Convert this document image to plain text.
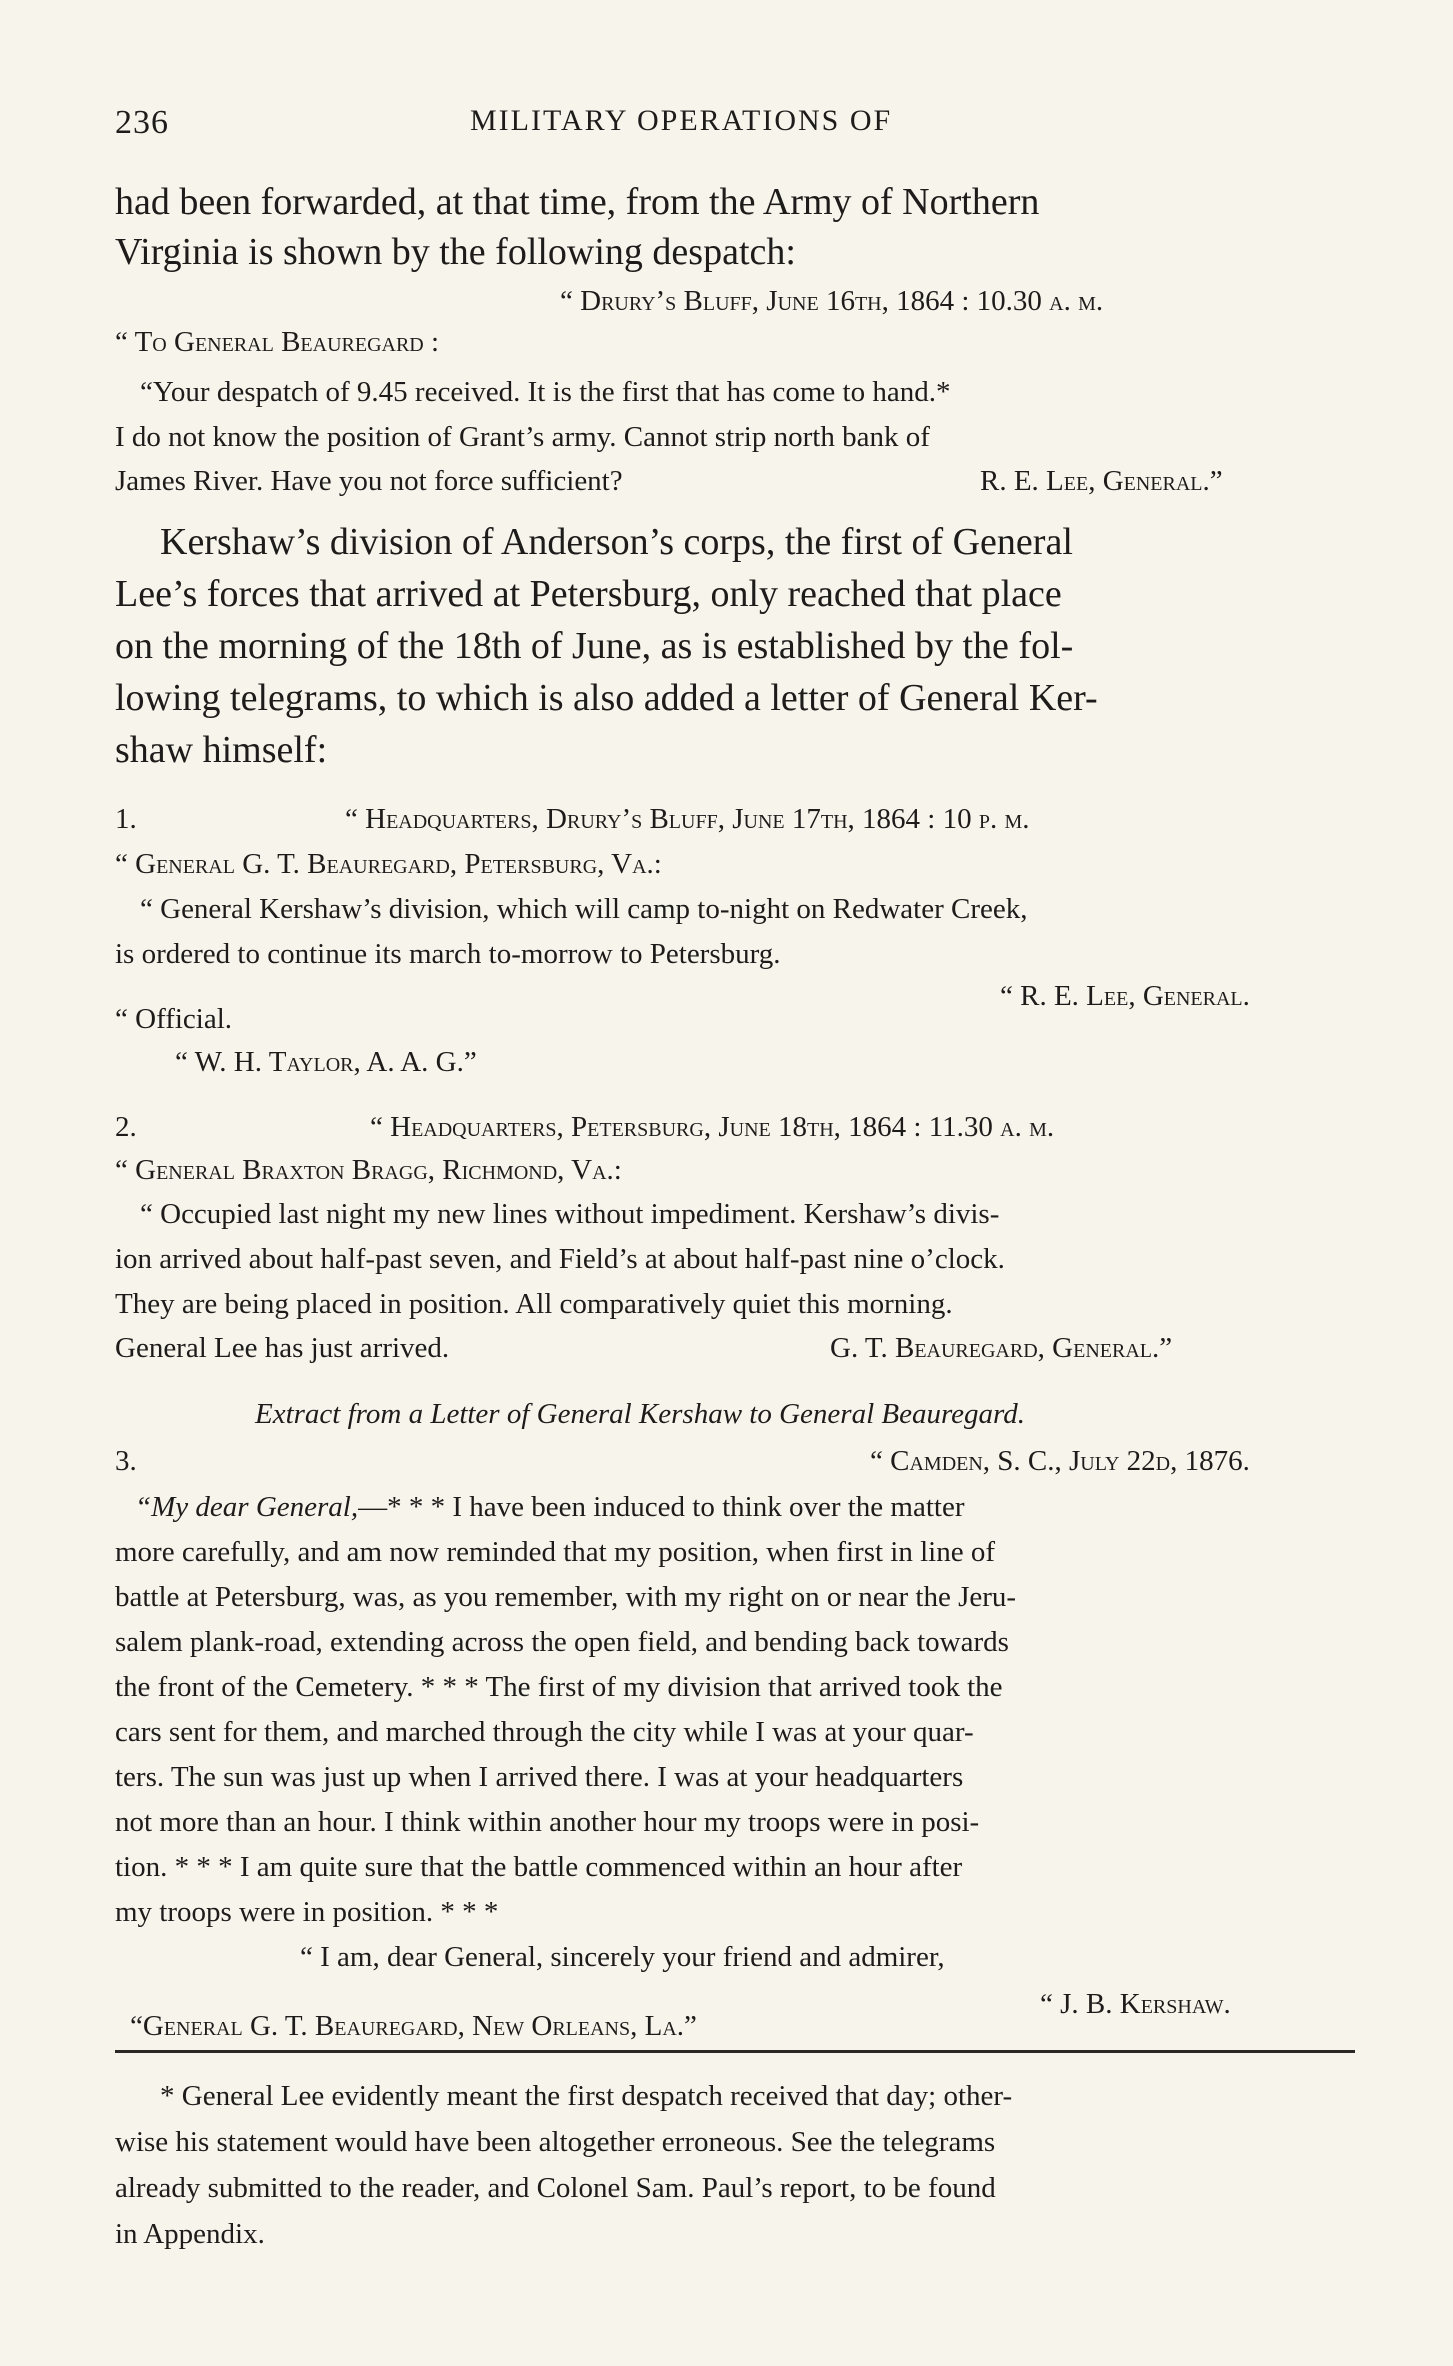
236	MILITARY OPERATIONS OF
had been forwarded, at that time, from the Army of Northern
Virginia is shown by the following despatch:
“ Drury’s Bluff, June 16th, 1864 : 10.30 a. m.
“ To General Beauregard :
“Your despatch of 9.45 received. It is the first that has come to hand.*
I do not know the position of Grant’s army. Cannot strip north bank of
James River. Have you not force sufficient?	R. E. Lee, General.”
Kershaw’s division of Anderson’s corps, the first of General
Lee’s forces that arrived at Petersburg, only reached that place
on the morning of the 18th of June, as is established by the fol-
lowing telegrams, to which is also added a letter of General Ker-
shaw himself:
1.	“ Headquarters, Drury’s Bluff, June 17th, 1864 : 10 p. m.
“ General G. T. Beauregard, Petersburg, Va.:
“ General Kershaw’s division, which will camp to-night on Redwater Creek,
is ordered to continue its march to-morrow to Petersburg.
“ R. E. Lee, General.
“ Official.
“ W. H. Taylor, A. A. G.”
2.	“ Headquarters, Petersburg, June 18th, 1864 : 11.30 a. m.
“ General Braxton Bragg, Richmond, Va.:
“ Occupied last night my new lines without impediment. Kershaw’s divis-
ion arrived about half-past seven, and Field’s at about half-past nine o’clock.
They are being placed in position. All comparatively quiet this morning.
General Lee has just arrived.	G. T. Beauregard, General.”
Extract from a Letter of General Kershaw to General Beauregard.
3.	“ Camden, S. C., July 22d, 1876.
“My dear General,—* * * I have been induced to think over the matter
more carefully, and am now reminded that my position, when first in line of
battle at Petersburg, was, as you remember, with my right on or near the Jeru-
salem plank-road, extending across the open field, and bending back towards
the front of the Cemetery. * * * The first of my division that arrived took the
cars sent for them, and marched through the city while I was at your quar-
ters. The sun was just up when I arrived there. I was at your headquarters
not more than an hour. I think within another hour my troops were in posi-
tion. * * * I am quite sure that the battle commenced within an hour after
my troops were in position. * * *
“ I am, dear General, sincerely your friend and admirer,
“ J. B. Kershaw.
“General G. T. Beauregard, New Orleans, La.”
* General Lee evidently meant the first despatch received that day; other-
wise his statement would have been altogether erroneous. See the telegrams
already submitted to the reader, and Colonel Sam. Paul’s report, to be found
in Appendix.
